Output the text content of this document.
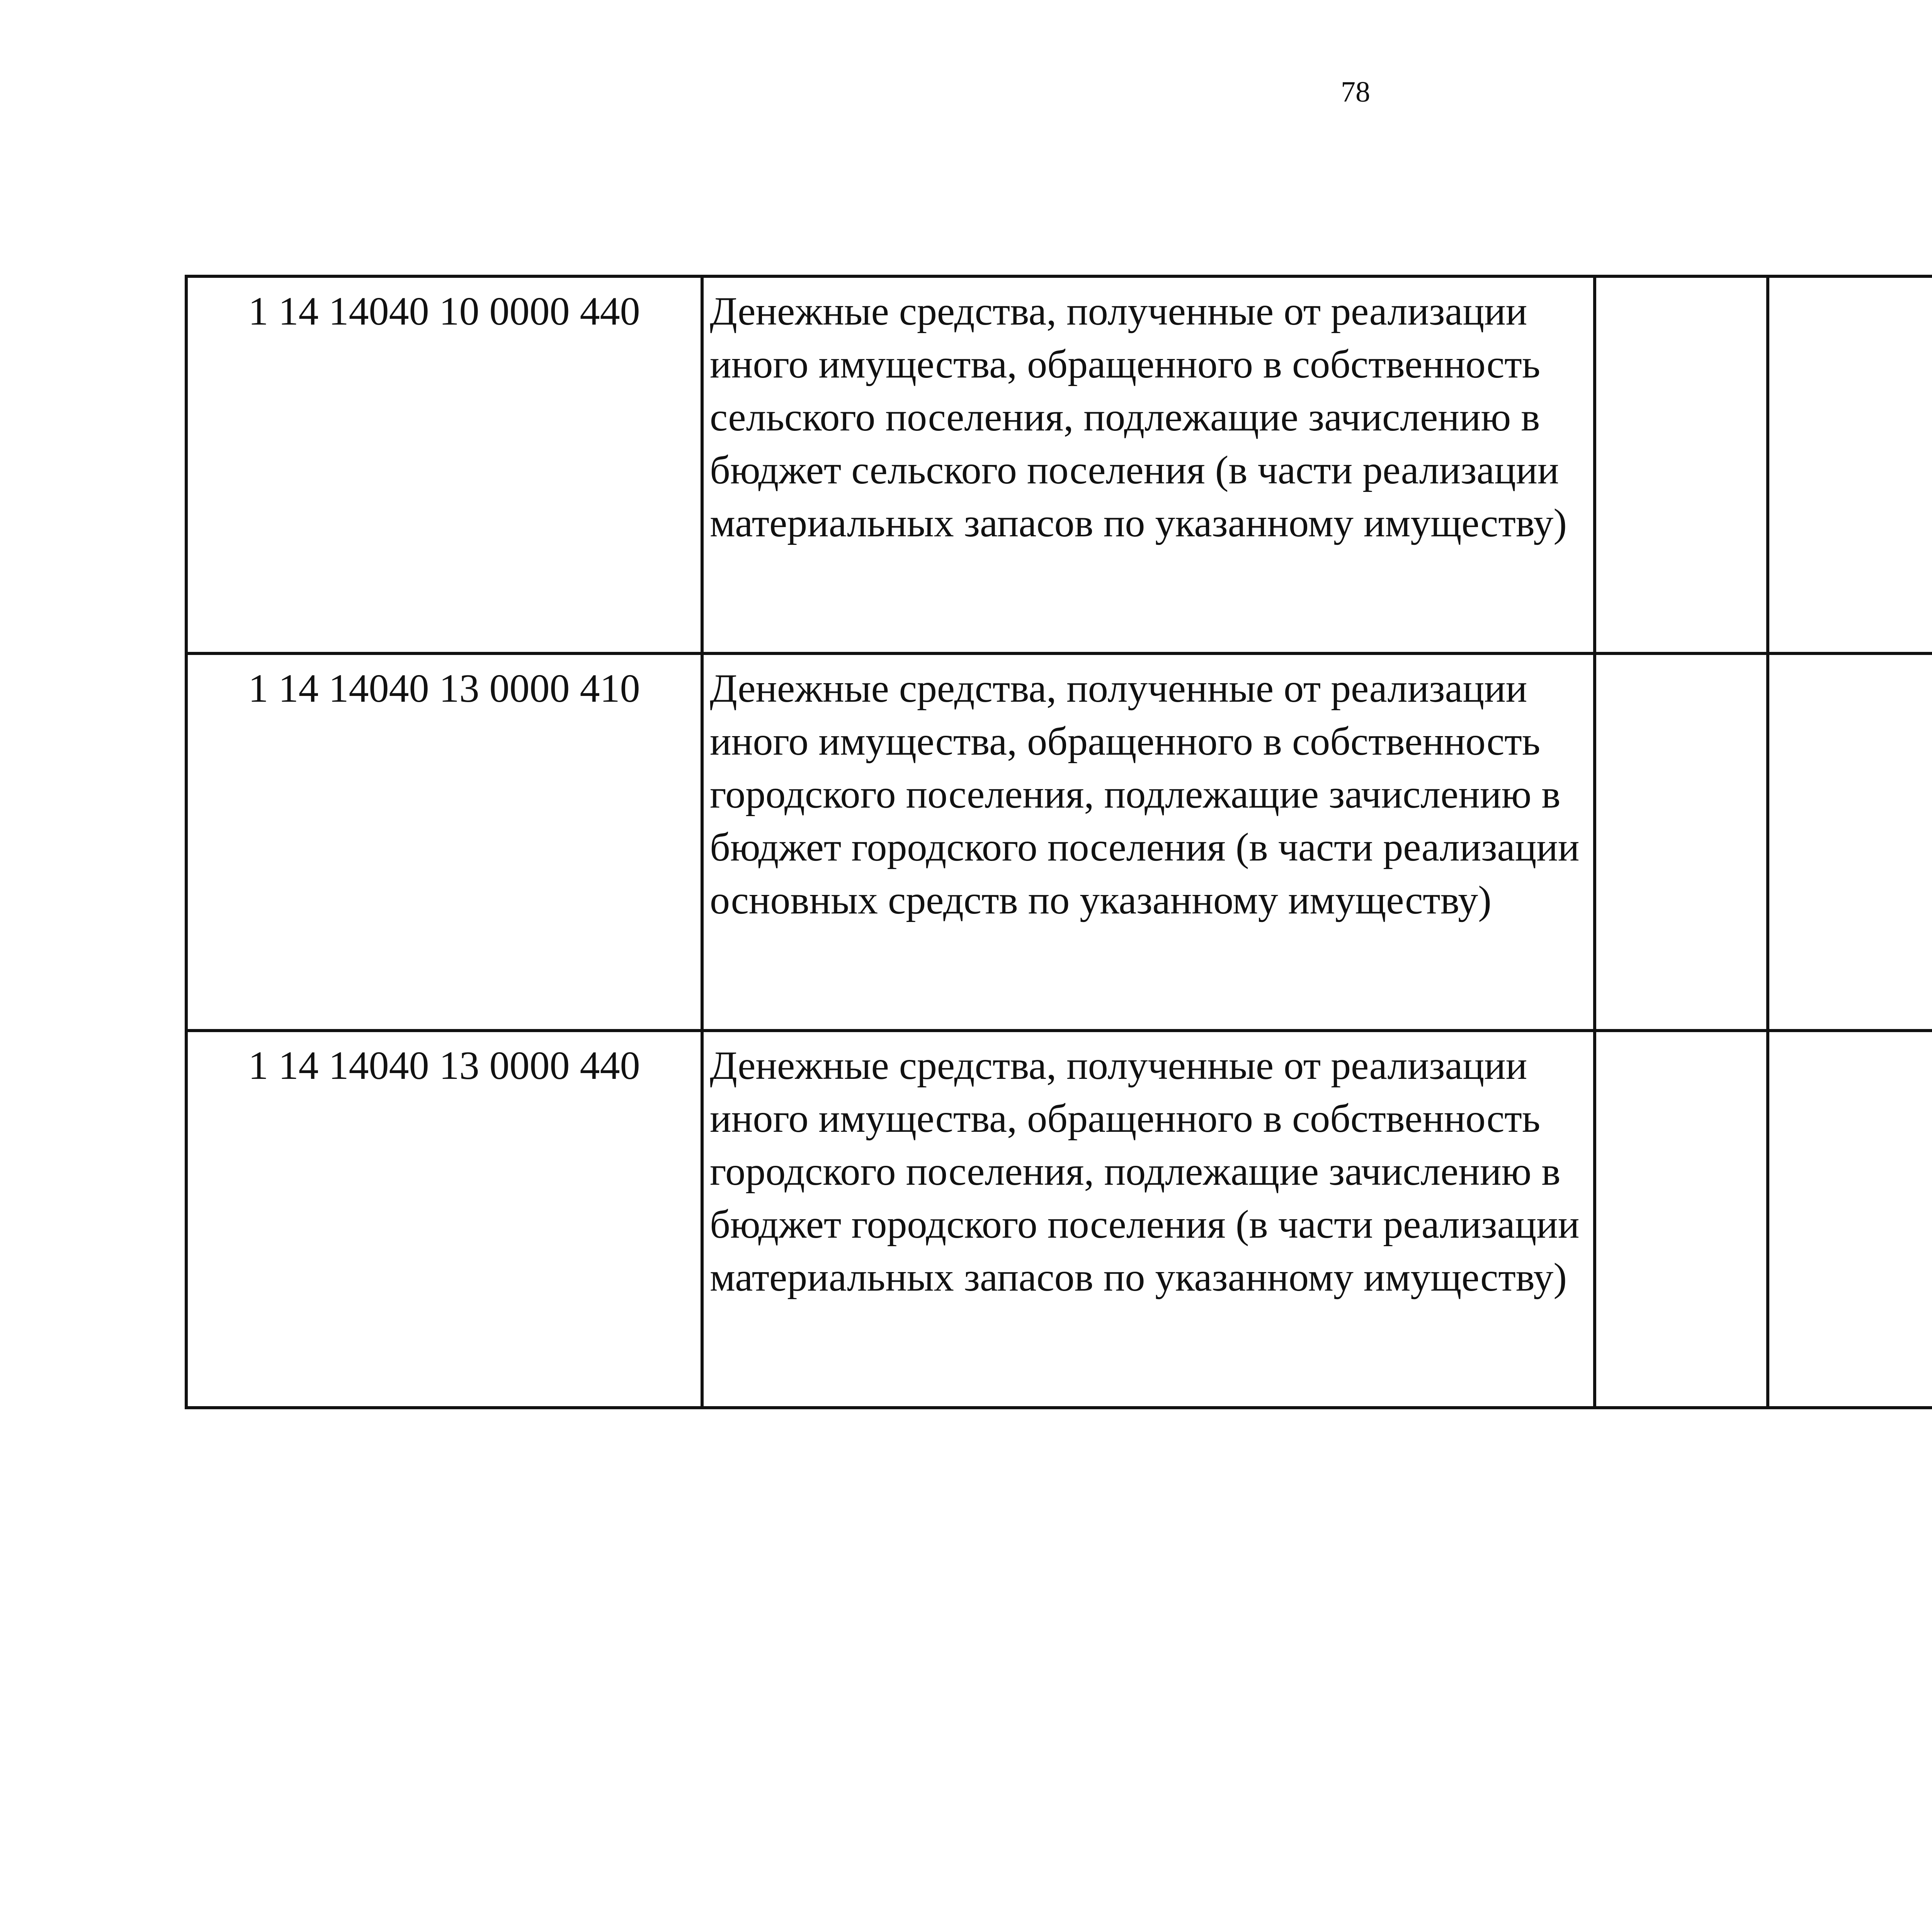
78
1 14 14040 10 0000 440	Денежные средства, полученные от реализации иного имущества, обращенного в собственность сельского поселения, подлежащие зачислению в бюджет сельского поселения (в части реализации материальных запасов по указанному имуществу)					
1 14 14040 13 0000 410	Денежные средства, полученные от реализации иного имущества, обращенного в собственность городского поселения, подлежащие зачислению в бюджет городского поселения (в части реализации основных средств по указанному имуществу)					
1 14 14040 13 0000 440	Денежные средства, полученные от реализации иного имущества, обращенного в собственность городского поселения, подлежащие зачислению в бюджет городского поселения (в части реализации материальных запасов по указанному имуществу)					
